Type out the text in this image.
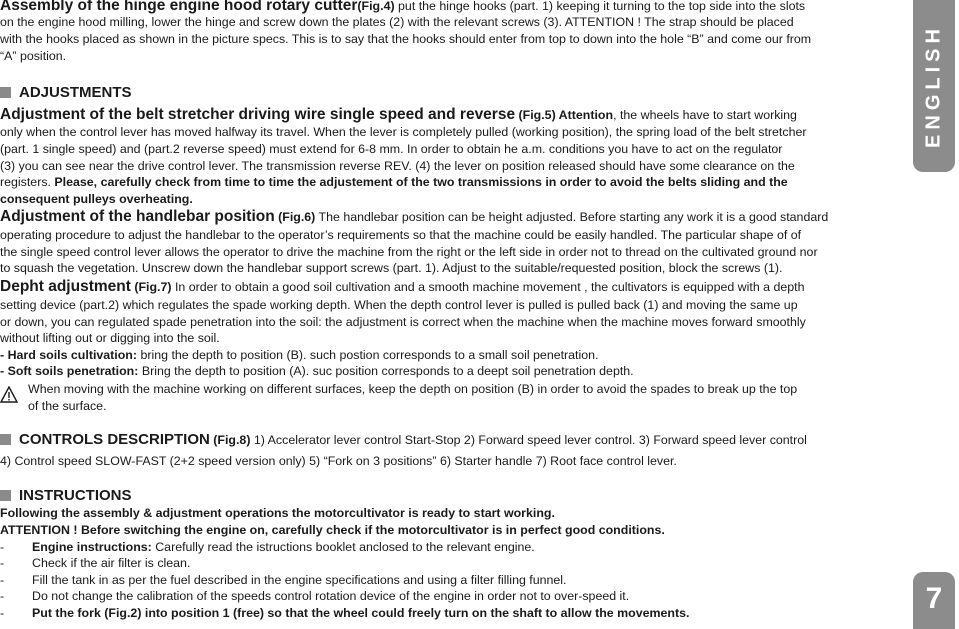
Assembly of the hinge engine hood rotary cutter(Fig.4) put the hinge hooks (part. 1) keeping it turning to the top side into the slots
on the engine hood milling, lower the hinge and screw down the plates (2) with the relevant screws (3). ATTENTION ! The strap should be placed
with the hooks placed as shown in the picture specs. This is to say that the hooks should enter from top to down into the hole “B” and come our from
“A” position.
ADJUSTMENTS
Adjustment of the belt stretcher driving wire single speed and reverse (Fig.5) Attention, the wheels have to start working
only when the control lever has moved halfway its travel. When the lever is completely pulled (working position), the spring load of the belt stretcher
(part. 1 single speed) and (part.2 reverse speed) must extend for 6-8 mm. In order to obtain he a.m. conditions you have to act on the regulator
(3) you can see near the drive control lever. The transmission reverse REV. (4) the lever on position released should have some clearance on the
registers. Please, carefully check from time to time the adjustement of the two transmissions in order to avoid the belts sliding and the
consequent pulleys overheating.
Adjustment of the handlebar position (Fig.6) The handlebar position can be height adjusted. Before starting any work it is a good standard
operating procedure to adjust the handlebar to the operator’s requirements so that the machine could be easily handled. The particular shape of of
the single speed control lever allows the operator to drive the machine from the right or the left side in order not to thread on the cultivated ground nor
to squash the vegetation. Unscrew down the handlebar support screws (part. 1). Adjust to the suitable/requested position, block the screws (1).
Depht adjustment (Fig.7) In order to obtain a good soil cultivation and a smooth machine movement , the cultivators is equipped with a depth
setting device (part.2) which regulates the spade working depth. When the depth control lever is pulled is pulled back (1) and moving the same up
or down, you can regulated spade penetration into the soil: the adjustment is correct when the machine when the machine moves forward smoothly
without lifting out or digging into the soil.
- Hard soils cultivation: bring the depth to position (B). such postion corresponds to a small soil penetration.
- Soft soils penetration: Bring the depth to position (A). suc position corresponds to a deept soil penetration depth.
When moving with the machine working on different surfaces, keep the depth on position (B) in order to avoid the spades to break up the top
of the surface.
CONTROLS DESCRIPTION (Fig.8) 1) Accelerator lever control Start-Stop 2) Forward speed lever control. 3) Forward speed lever control
4) Control speed SLOW-FAST (2+2 speed version only) 5) “Fork on 3 positions” 6) Starter handle 7) Root face control lever.
INSTRUCTIONS
Following the assembly & adjustment operations the motorcultivator is ready to start working.
ATTENTION ! Before switching the engine on, carefully check if the motorcultivator is in perfect good conditions.
-	Engine instructions: Carefully read the istructions booklet anclosed to the relevant engine.
-	Check if the air filter is clean.
-	Fill the tank in as per the fuel described in the engine specifications and using a filter filling funnel.
-	Do not change the calibration of the speeds control rotation device of the engine in order not to over-speed it.
-	Put the fork (Fig.2) into position 1 (free) so that the wheel could freely turn on the shaft to allow the movements.
ENGLISH
7
